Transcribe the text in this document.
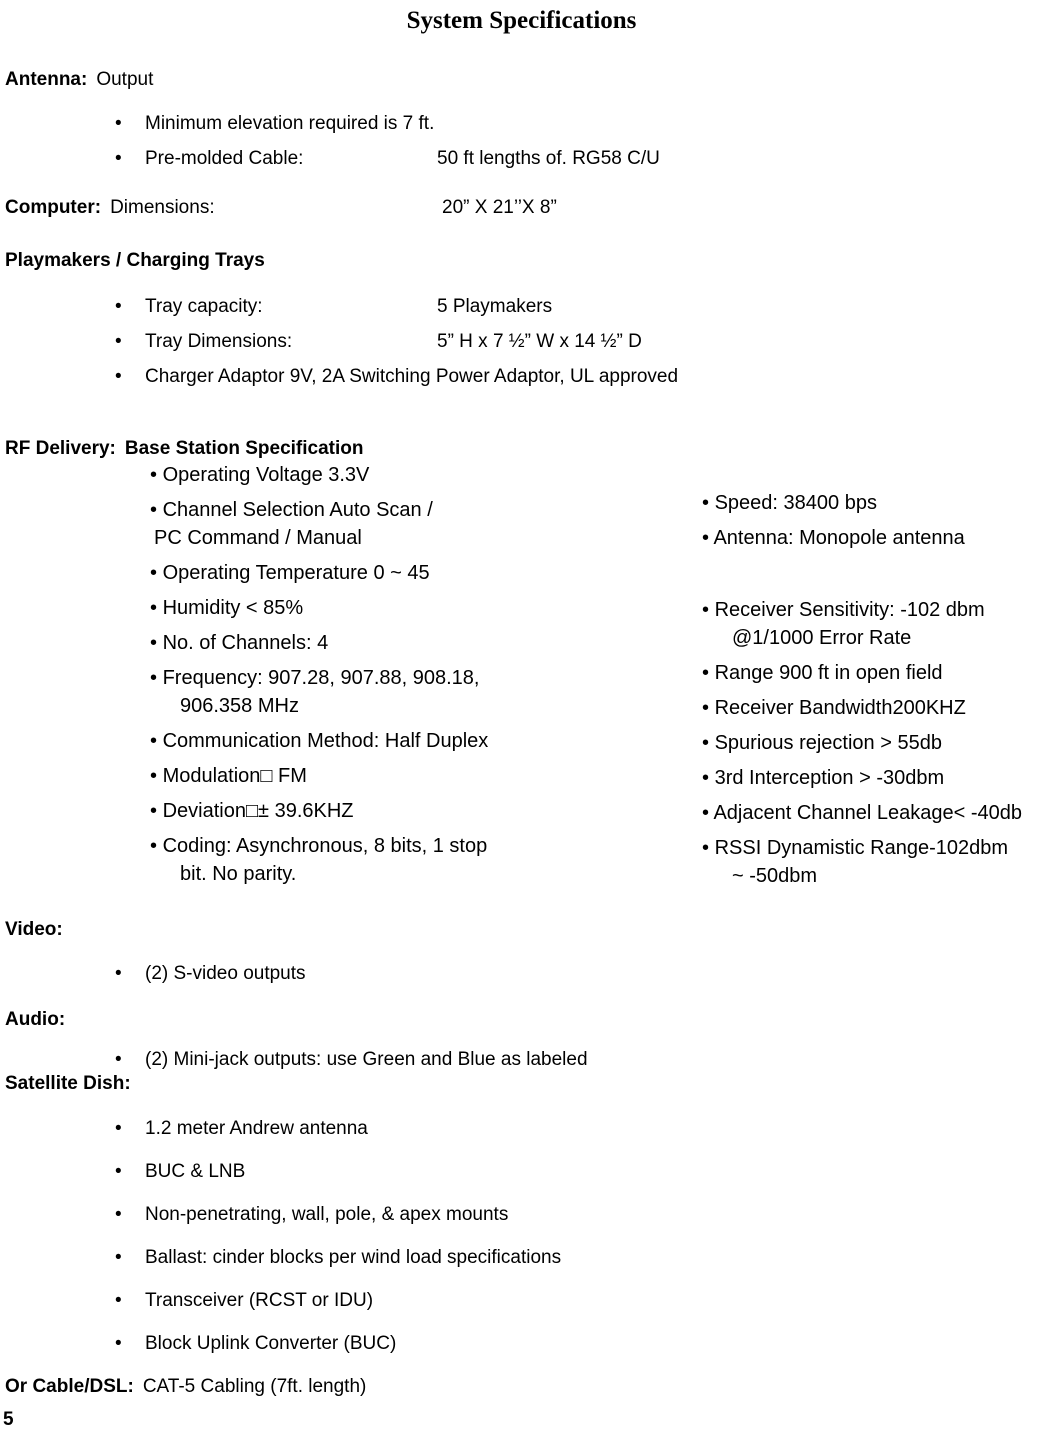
System Specifications
Antenna: Output
• Minimum elevation required is 7 ft.
• Pre-molded Cable:	50 ft lengths of. RG58 C/U
Computer: Dimensions:	20” X 21’’X 8”
Playmakers / Charging Trays
• Tray capacity:	5 Playmakers
• Tray Dimensions:	5” H x 7 ½” W x 14 ½” D
• Charger Adaptor 9V, 2A Switching Power Adaptor, UL approved
RF Delivery: Base Station Specification
• Operating Voltage 3.3V
• Channel Selection Auto Scan /
PC Command / Manual
• Operating Temperature 0 ~ 45
• Humidity < 85%
• No. of Channels: 4
• Frequency: 907.28, 907.88, 908.18,
906.358 MHz
• Communication Method: Half Duplex
• Modulation□ FM
• Deviation□± 39.6KHZ
• Coding: Asynchronous, 8 bits, 1 stop
bit. No parity.
• Speed: 38400 bps
• Antenna: Monopole antenna
• Receiver Sensitivity: -102 dbm
@1/1000 Error Rate
• Range 900 ft in open field
• Receiver Bandwidth200KHZ
• Spurious rejection > 55db
• 3rd Interception > -30dbm
• Adjacent Channel Leakage< -40db
• RSSI Dynamistic Range-102dbm
~ -50dbm
Video:
• (2) S-video outputs
Audio:
• (2) Mini-jack outputs: use Green and Blue as labeled
Satellite Dish:
• 1.2 meter Andrew antenna
• BUC & LNB
• Non-penetrating, wall, pole, & apex mounts
• Ballast: cinder blocks per wind load specifications
• Transceiver (RCST or IDU)
• Block Uplink Converter (BUC)
Or Cable/DSL: CAT-5 Cabling (7ft. length)
5
